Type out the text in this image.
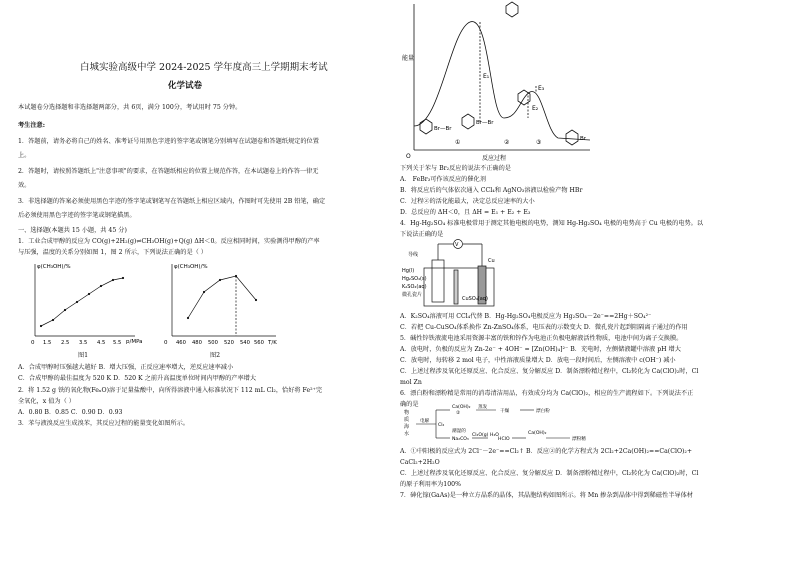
白城实验高级中学 2024-2025 学年度高三上学期期末考试
化学试卷
本试题卷分选择题和非选择题两部分，共 6页，满分 100分，考试用时 75 分钟。
考生注意:
1．答题前，请务必将自己的姓名、准考证号用黑色字迹的签字笔或钢笔分别填写在试题卷和答题纸规定的位置
上。
2．答题时，请按照答题纸上"注意事项"的要求，在答题纸相应的位置上规范作答，在本试题卷上的作答一律无
效。
3．非选择题的答案必须使用黑色字迹的签字笔或钢笔写在答题纸上相应区域内，作图时可先使用 2B 铅笔，确定
后必须使用黑色字迹的签字笔或钢笔描黑。
一、选择题(本题共 15 小题，共 45 分)
1．工业合成甲醇的反应为 CO(g)+2H₂(g)⇌CH₃OH(g)+Q(g) ΔH＜0。反应相同时间，实验测得甲醇的产率
与压强，温度的关系分别如图 1，图 2 所示，下列说法正确的是（ ）
φ(CH₃OH)/%
p/MPa
0 1.5 2.5 3.5 4.5 5.5
图1
φ(CH₃OH)/%
T/K
0 460 480 500 520 540 560
图2
A．合成甲醇时压强越大越好 B．增大压强，正反应速率增大，逆反应速率减小
C．合成甲醇的最佳温度为 520 K D．520 K 之前升高温度单位时间内甲醇的产率增大
2．将 1.52 g 铁的氧化物(FeₓO)溶于足量盐酸中，向所得溶液中通入标准状况下 112 mL Cl₂，恰好将 Fe²⁺完
全氧化，x 值为（ ）
A．0.80 B．0.85 C．0.90 D．0.93
3．苯与液溴反应生成溴苯，其反应过程的能量变化如图所示。
能量
O	反应过程
E₁
E₂
E₃
①	②	③
Br—Br
Br—Br
Br
下列关于苯与 Br₂反应的说法不正确的是
A． FeBr₃可作该反应的催化剂
B．将反应后的气体依次通入 CCl₄和 AgNO₃溶液以检验产物 HBr
C．过程②的活化能最大，决定总反应速率的大小
D．总反应的 ΔH＜0，且 ΔH = E₁ + E₂ + E₃
4．Hg-Hg₂SO₄ 标准电极常用于测定其他电极的电势，测知 Hg-Hg₂SO₄ 电极的电势高于 Cu 电极的电势。以
下说法正确的是
V
导线
Hg(l)
Hg₂SO₄(s)
K₂SO₄(aq)
微孔瓷片
Cu
CuSO₄(aq)
A．K₂SO₄溶液可用 CCl₄代替 B．Hg-Hg₂SO₄电极反应为 Hg₂SO₄－2e⁻==2Hg＋SO₄²⁻
C．若把 Cu-CuSO₄体系换作 Zn-ZnSO₄体系，电压表的示数变大 D．微孔瓷片起到阻隔离子通过的作用
5．碱性锌铁液流电池采用资源丰富的铁和锌作为电池正负极电解液活性物质，电池中间为离子交换膜。
A．放电时，负极的反应为 Zn-2e⁻ + 4OH⁻ = [Zn(OH)₄]²⁻ B．充电时，左侧储液罐中溶液 pH 增大
C．放电时，每转移 2 mol 电子，中性溶液质量增大 D．放电一段时间后，左侧溶液中 c(OH⁻) 减小
C．上述过程涉及氧化还原反应、化合反应、复分解反应 D．制备漂粉精过程中，Cl₂转化为 Ca(ClO)₂时，Cl
mol Zn
6．漂白粉和漂粉精是常用的消毒清洁用品，有效成分均为 Ca(ClO)₂，相应的生产流程如下。下列说法不正
确的是
物
质
海
水
电解
Cl₂
Ca(OH)₂
②
蒸发
干燥	漂白粉
潮湿的
Na₂CO₃
Cl₂O(g) H₂O
HClO
Ca(OH)₂
漂粉精
A．①中阳极的反应式为 2Cl⁻－2e⁻==Cl₂↑ B．反应②的化学方程式为 2Cl₂+2Ca(OH)₂==Ca(ClO)₂+
CaCl₂+2H₂O
C．上述过程涉及氧化还原反应、化合反应、复分解反应 D．制备漂粉精过程中，Cl₂转化为 Ca(ClO)₂时，Cl
的原子利用率为100%
7．砷化镓(GaAs)是一种立方晶系的晶体，其晶胞结构如图所示。将 Mn 掺杂到晶体中得到稀磁性半导体材
